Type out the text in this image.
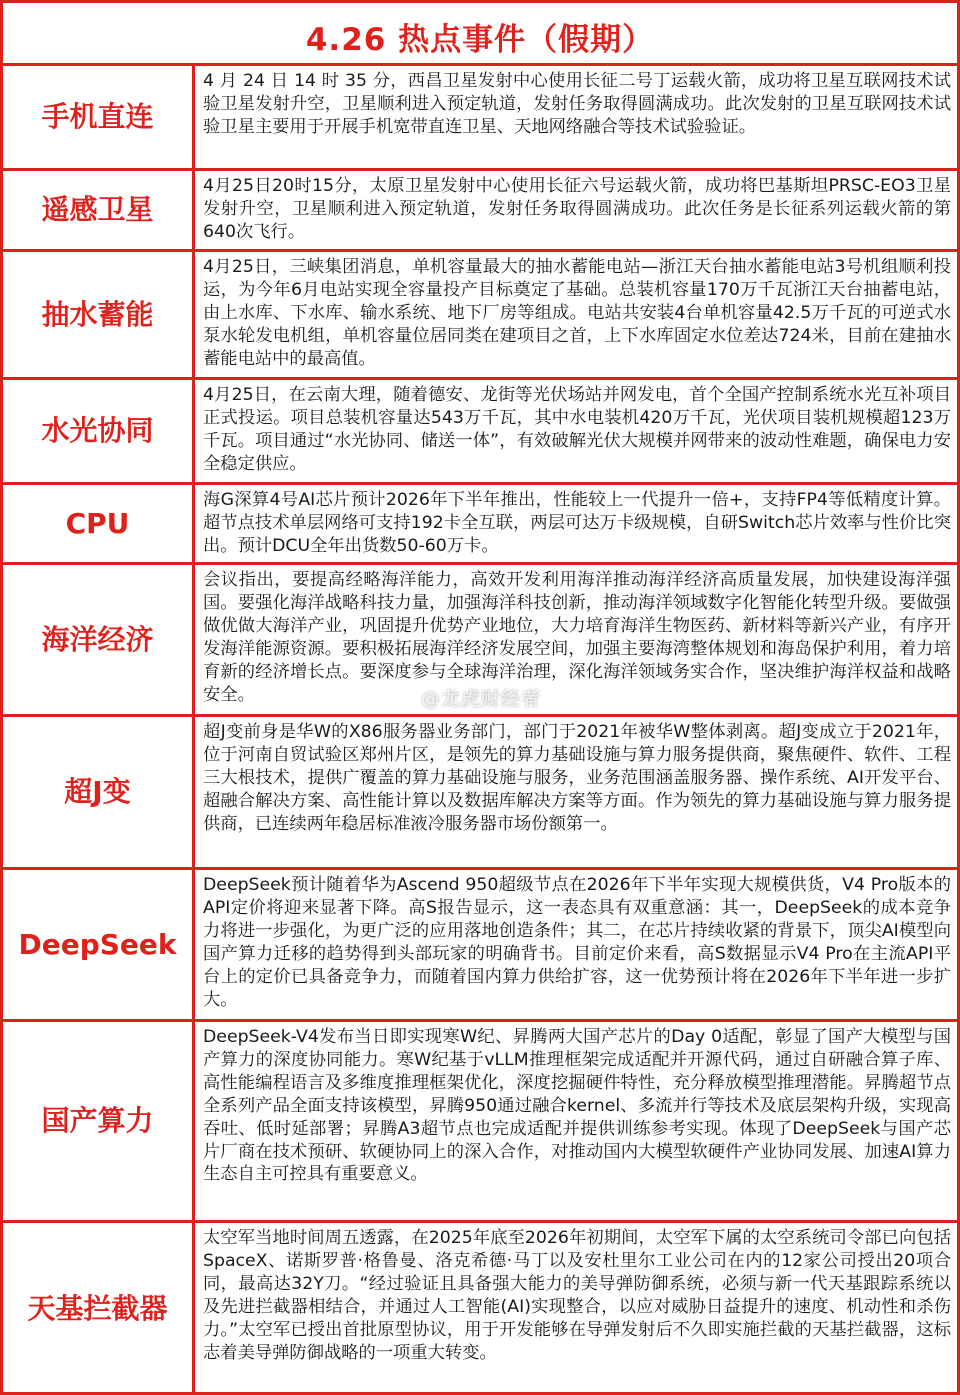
4.26 热点事件（假期）
手机直连
4 月 24 日 14 时 35 分，西昌卫星发射中心使用长征二号丁运载火箭，成功将卫星互联网技术试验卫星发射升空，卫星顺利进入预定轨道，发射任务取得圆满成功。此次发射的卫星互联网技术试验卫星主要用于开展手机宽带直连卫星、天地网络融合等技术试验验证。
遥感卫星
4月25日20时15分，太原卫星发射中心使用长征六号运载火箭，成功将巴基斯坦PRSC-EO3卫星发射升空，卫星顺利进入预定轨道，发射任务取得圆满成功。此次任务是长征系列运载火箭的第640次飞行。
抽水蓄能
4月25日，三峡集团消息，单机容量最大的抽水蓄能电站—浙江天台抽水蓄能电站3号机组顺利投运，为今年6月电站实现全容量投产目标奠定了基础。总装机容量170万千瓦浙江天台抽蓄电站，由上水库、下水库、输水系统、地下厂房等组成。电站共安装4台单机容量42.5万千瓦的可逆式水泵水轮发电机组，单机容量位居同类在建项目之首，上下水库固定水位差达724米，目前在建抽水蓄能电站中的最高值。
水光协同
4月25日，在云南大理，随着德安、龙街等光伏场站并网发电，首个全国产控制系统水光互补项目正式投运。项目总装机容量达543万千瓦，其中水电装机420万千瓦，光伏项目装机规模超123万千瓦。项目通过“水光协同、储送一体”，有效破解光伏大规模并网带来的波动性难题，确保电力安全稳定供应。
CPU
海G深算4号AI芯片预计2026年下半年推出，性能较上一代提升一倍+，支持FP4等低精度计算。超节点技术单层网络可支持192卡全互联，两层可达万卡级规模，自研Switch芯片效率与性价比突出。预计DCU全年出货数50-60万卡。
海洋经济
会议指出，要提高经略海洋能力，高效开发利用海洋推动海洋经济高质量发展，加快建设海洋强国。要强化海洋战略科技力量，加强海洋科技创新，推动海洋领域数字化智能化转型升级。要做强做优做大海洋产业，巩固提升优势产业地位，大力培育海洋生物医药、新材料等新兴产业，有序开发海洋能源资源。要积极拓展海洋经济发展空间，加强主要海湾整体规划和海岛保护利用，着力培育新的经济增长点。要深度参与全球海洋治理，深化海洋领域务实合作，坚决维护海洋权益和战略安全。
超J变
超J变前身是华W的X86服务器业务部门，部门于2021年被华W整体剥离。超J变成立于2021年，位于河南自贸试验区郑州片区，是领先的算力基础设施与算力服务提供商，聚焦硬件、软件、工程三大根技术，提供广覆盖的算力基础设施与服务，业务范围涵盖服务器、操作系统、AI开发平台、超融合解决方案、高性能计算以及数据库解决方案等方面。作为领先的算力基础设施与算力服务提供商，已连续两年稳居标准液冷服务器市场份额第一。
DeepSeek
DeepSeek预计随着华为Ascend 950超级节点在2026年下半年实现大规模供货，V4 Pro版本的API定价将迎来显著下降。高S报告显示，这一表态具有双重意涵：其一，DeepSeek的成本竞争力将进一步强化，为更广泛的应用落地创造条件；其二，在芯片持续收紧的背景下，顶尖AI模型向国产算力迁移的趋势得到头部玩家的明确背书。目前定价来看，高S数据显示V4 Pro在主流API平台上的定价已具备竞争力，而随着国内算力供给扩容，这一优势预计将在2026年下半年进一步扩大。
国产算力
DeepSeek-V4发布当日即实现寒W纪、昇腾两大国产芯片的Day 0适配，彰显了国产大模型与国产算力的深度协同能力。寒W纪基于vLLM推理框架完成适配并开源代码，通过自研融合算子库、高性能编程语言及多维度推理框架优化，深度挖掘硬件特性，充分释放模型推理潜能。昇腾超节点全系列产品全面支持该模型，昇腾950通过融合kernel、多流并行等技术及底层架构升级，实现高吞吐、低时延部署；昇腾A3超节点也完成适配并提供训练参考实现。体现了DeepSeek与国产芯片厂商在技术预研、软硬协同上的深入合作，对推动国内大模型软硬件产业协同发展、加速AI算力生态自主可控具有重要意义。
天基拦截器
太空军当地时间周五透露，在2025年底至2026年初期间，太空军下属的太空系统司令部已向包括SpaceX、诺斯罗普·格鲁曼、洛克希德·马丁以及安杜里尔工业公司在内的12家公司授出20项合同，最高达32Y刀。“经过验证且具备强大能力的美导弹防御系统，必须与新一代天基跟踪系统以及先进拦截器相结合，并通过人工智能(AI)实现整合，以应对威胁日益提升的速度、机动性和杀伤力。”太空军已授出首批原型协议，用于开发能够在导弹发射后不久即实施拦截的天基拦截器，这标志着美导弹防御战略的一项重大转变。
@龙虎财经者
